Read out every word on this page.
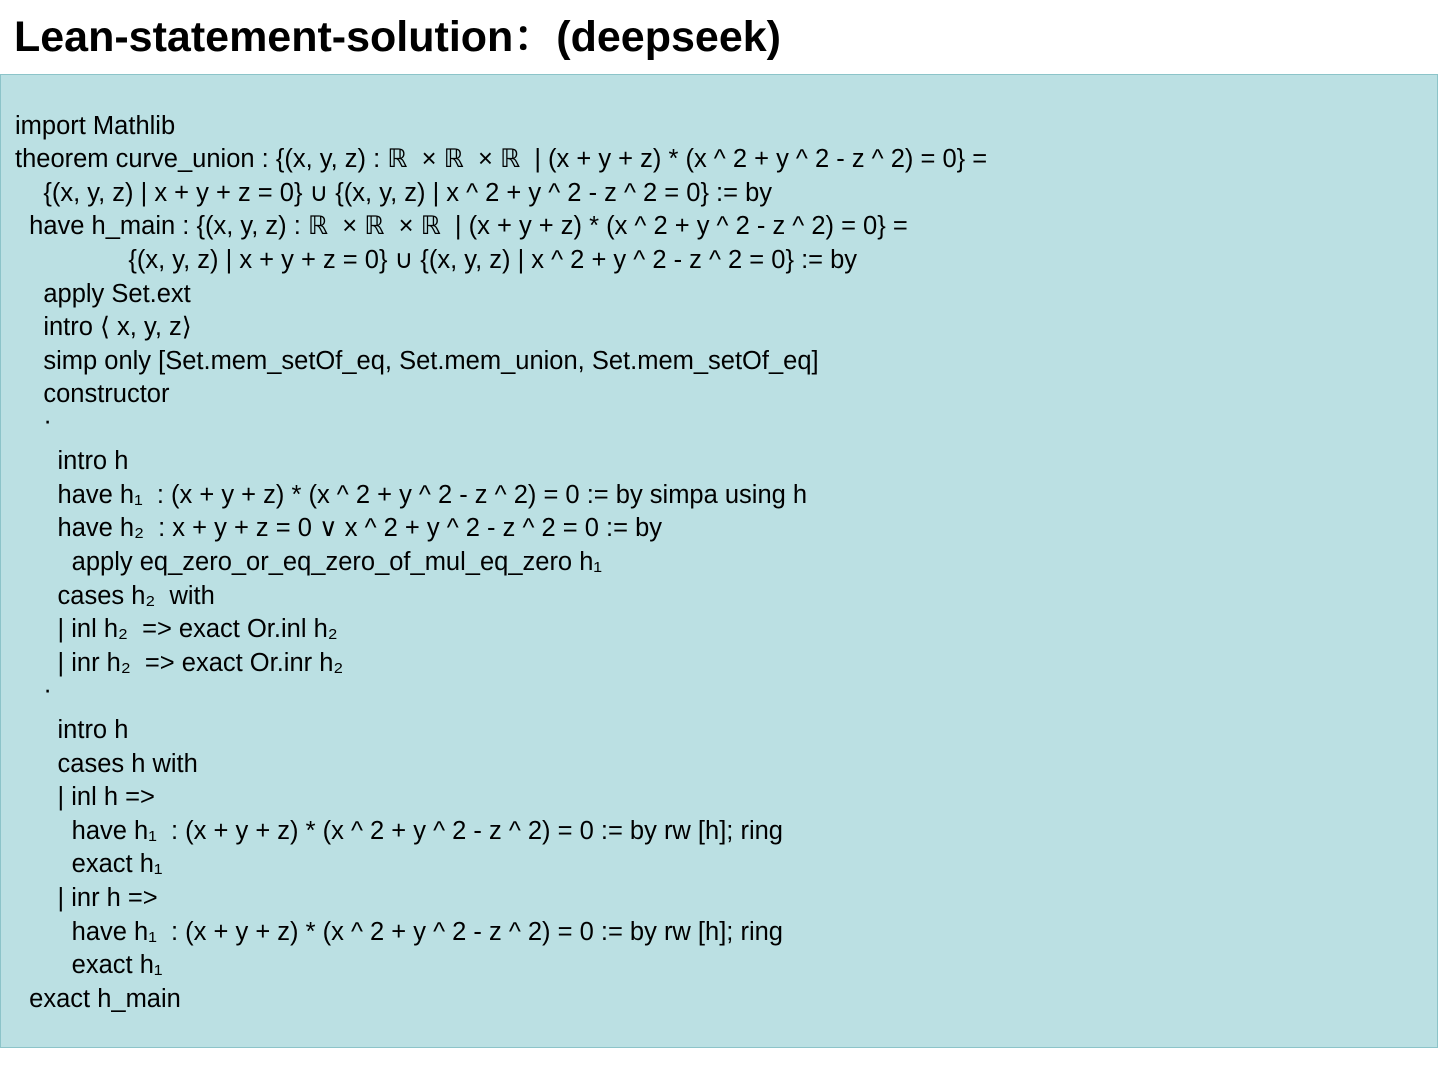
Lean-statement-solution：(deepseek)
import Mathlib
theorem curve_union : {(x, y, z) : ℝ  × ℝ  × ℝ  | (x + y + z) * (x ^ 2 + y ^ 2 - z ^ 2) = 0} =
{(x, y, z) | x + y + z = 0} ∪ {(x, y, z) | x ^ 2 + y ^ 2 - z ^ 2 = 0} := by
have h_main : {(x, y, z) : ℝ  × ℝ  × ℝ  | (x + y + z) * (x ^ 2 + y ^ 2 - z ^ 2) = 0} =
{(x, y, z) | x + y + z = 0} ∪ {(x, y, z) | x ^ 2 + y ^ 2 - z ^ 2 = 0} := by
apply Set.ext
intro ⟨ x, y, z⟩
simp only [Set.mem_setOf_eq, Set.mem_union, Set.mem_setOf_eq]
constructor
·
intro h
have h₁  : (x + y + z) * (x ^ 2 + y ^ 2 - z ^ 2) = 0 := by simpa using h
have h₂  : x + y + z = 0 ∨ x ^ 2 + y ^ 2 - z ^ 2 = 0 := by
apply eq_zero_or_eq_zero_of_mul_eq_zero h₁
cases h₂  with
| inl h₂  => exact Or.inl h₂
| inr h₂  => exact Or.inr h₂
·
intro h
cases h with
| inl h =>
have h₁  : (x + y + z) * (x ^ 2 + y ^ 2 - z ^ 2) = 0 := by rw [h]; ring
exact h₁
| inr h =>
have h₁  : (x + y + z) * (x ^ 2 + y ^ 2 - z ^ 2) = 0 := by rw [h]; ring
exact h₁
exact h_main
